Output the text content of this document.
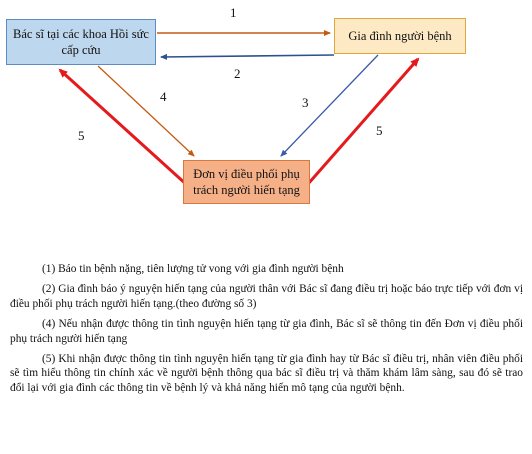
Bác sĩ tại các khoa Hồi sức cấp cứu
Gia đình người bệnh
Đơn vị điều phối phụ trách người hiến tạng
1
2
3
4
5	5

(1) Báo tin bệnh nặng, tiên lượng tử vong với gia đình người bệnh

(2) Gia đình báo ý nguyện hiến tạng của người thân với Bác sĩ đang điều trị hoặc báo trực tiếp với đơn vị điều phối phụ trách người hiến tạng.(theo đường số 3)

(4) Nếu nhận được thông tin tình nguyện hiến tạng từ gia đình, Bác sĩ sẽ thông tin đến Đơn vị điều phối phụ trách người hiến tạng

(5) Khi nhận được thông tin tình nguyện hiến tạng từ gia đình hay từ Bác sĩ điều trị, nhân viên điều phối sẽ tìm hiểu thông tin chính xác về người bệnh thông qua bác sĩ điều trị và thăm khám lâm sàng, sau đó sẽ trao đổi lại với gia đình các thông tin về bệnh lý và khả năng hiến mô tạng của người bệnh.
